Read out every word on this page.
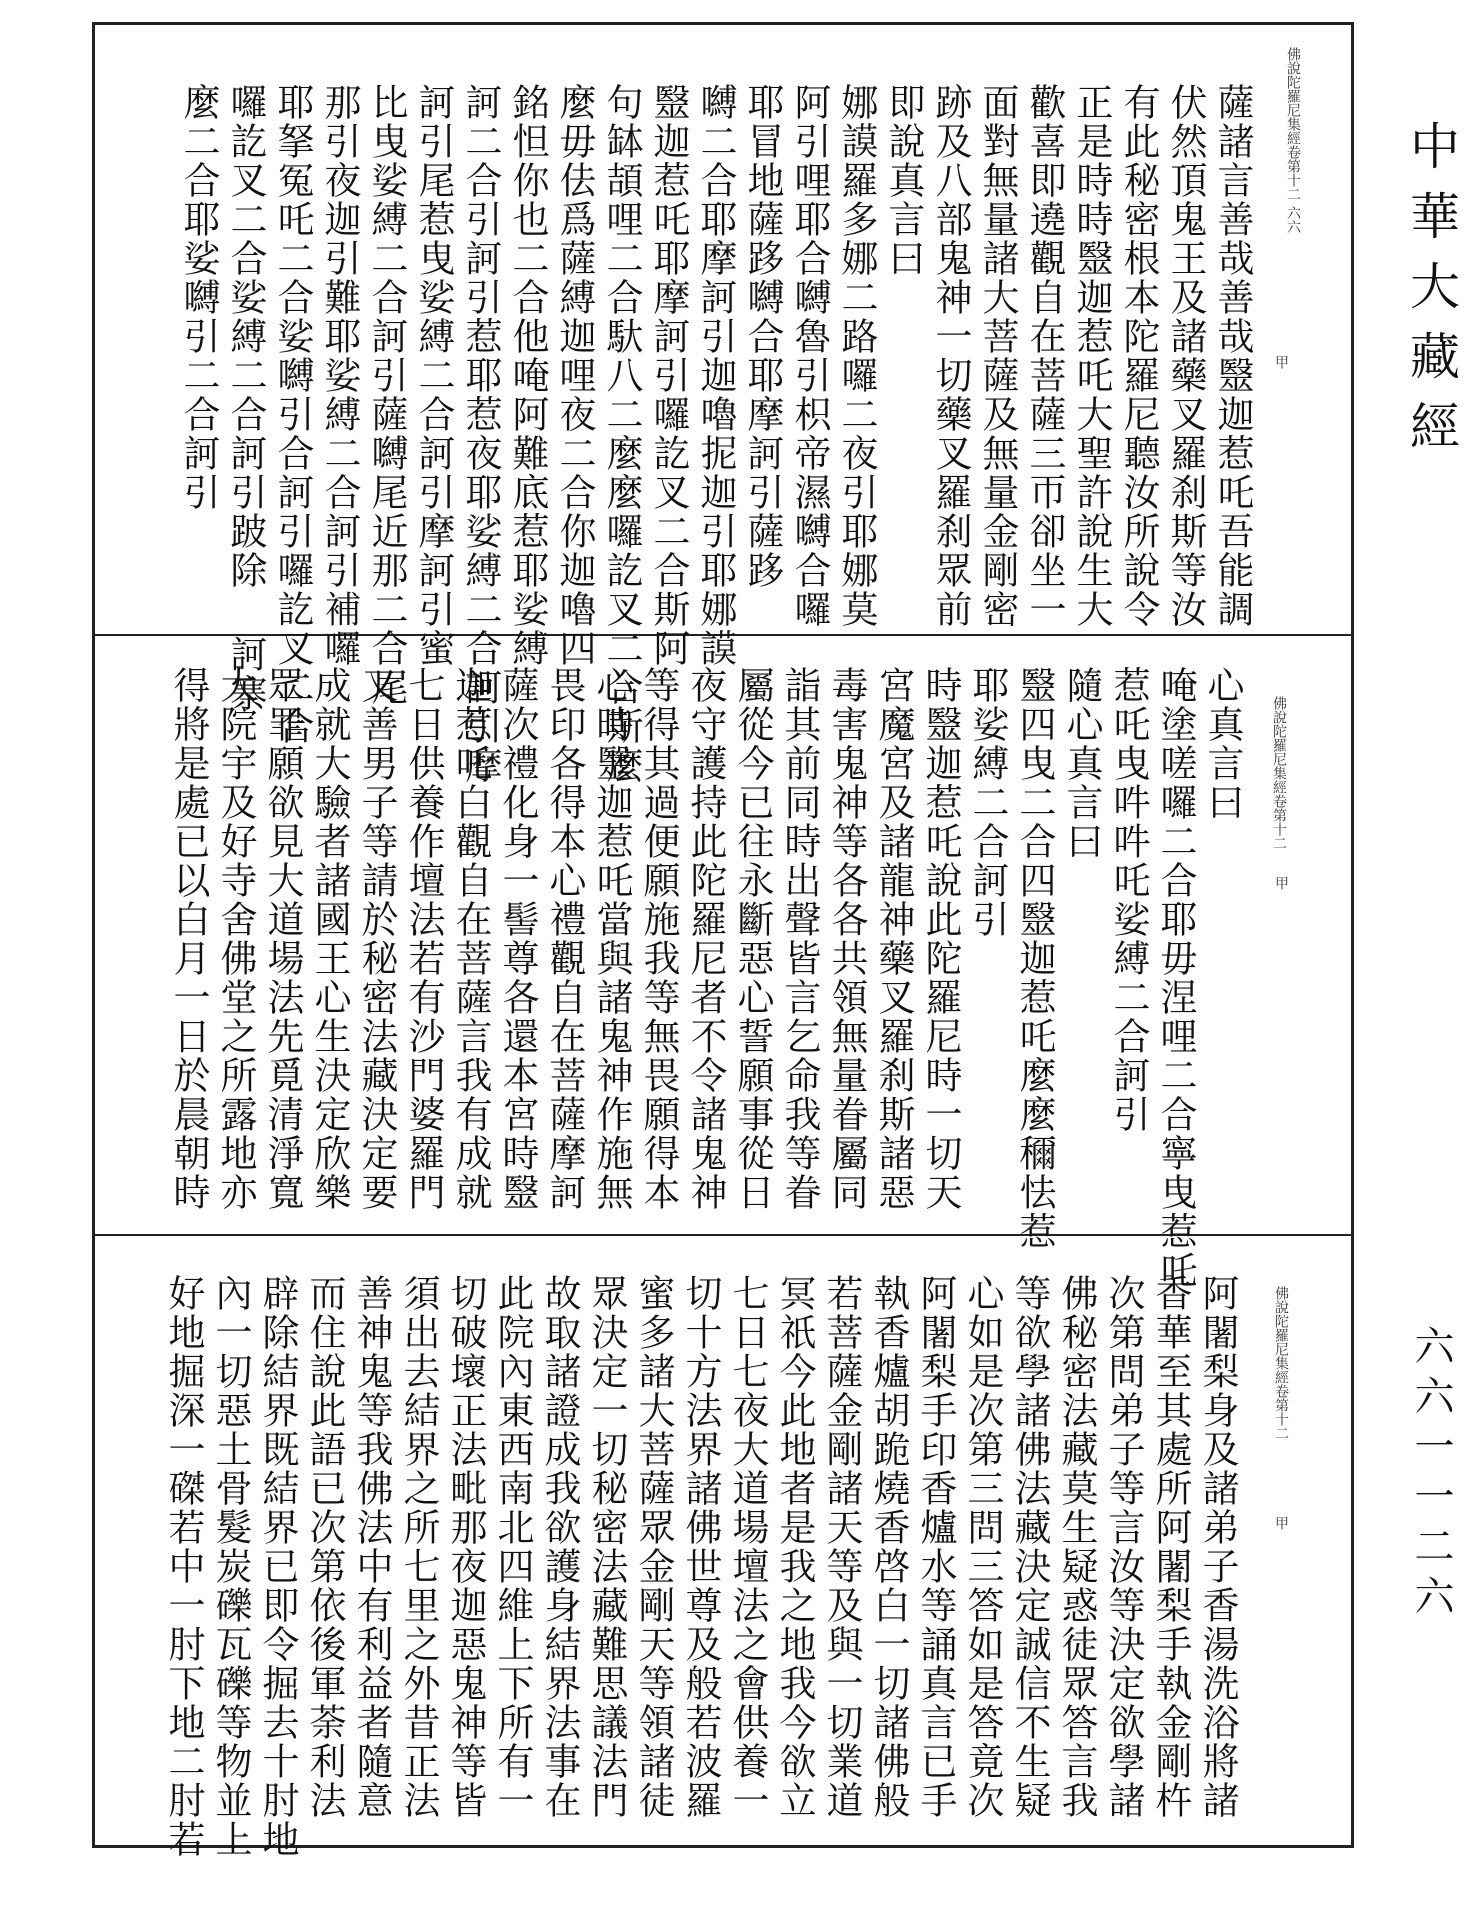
佛說陀羅尼集經卷第十二 六六
甲
薩諸言善哉善哉毉迦惹吒吾能調
伏然頂鬼王及諸藥叉羅刹斯等汝
有此秘密根本陀羅尼聽汝所說令
正是時時毉迦惹吒大聖許說生大
歡喜即遶觀自在菩薩三帀卻坐一
面對無量諸大菩薩及無量金剛密
跡及八部鬼神一切藥叉羅刹眾前
即說真言曰
娜謨羅多娜二路囉二夜引耶娜莫
阿引哩耶合嚩魯引枳帝濕嚩合囉
耶冒地薩跢嚩合耶摩訶引薩跢
嚩二合耶摩訶引迦嚕抳迦引耶娜謨
毉迦惹吒耶摩訶引囉訖叉二合斯阿
句缽頡哩二合馱八二麼麼囉訖叉二合斯麼
麼毋佉爲薩縛迦哩夜二合你迦嚕四
銘怛你也二合他唵阿難底惹耶娑縛
訶二合引訶引惹耶惹夜耶娑縛二合訶引摩
訶引尾惹曳娑縛二合訶引摩訶引蜜
比曳娑縛二合訶引薩嚩尾近那二合尾
那引夜迦引難耶娑縛二合訶引補囉
耶拏冤吒二合娑嚩引合訶引囉訖叉二合
囉訖叉二合娑縛二合訶引跛除 訶寨
麼二合耶娑嚩引二合訶引
佛說陀羅尼集經卷第十二
甲
心真言曰
唵塗嗟囉二合耶毋涅哩二合寧曳惹吒
惹吒曳吽吽吒娑縛二合訶引
隨心真言曰
毉四曳二合四毉迦惹吒麼麼穪怯惹
耶娑縛二合訶引
時毉迦惹吒說此陀羅尼時一切天
宮魔宮及諸龍神藥叉羅刹斯諸惡
毒害鬼神等各各共領無量眷屬同
詣其前同時出聲皆言乞命我等眷
屬從今已往永斷惡心誓願事從日
夜守護持此陀羅尼者不令諸鬼神
等得其過便願施我等無畏願得本
心時毉迦惹吒當與諸鬼神作施無
畏印各得本心禮觀自在菩薩摩訶
薩次禮化身一髻尊各還本宮時毉
迦惹吒白觀自在菩薩言我有成就
七日供養作壇法若有沙門婆羅門
又善男子等請於秘密法藏決定要
成就大驗者諸國王心生決定欣樂
眾罪願欲見大道場法先覓清淨寬
大院宇及好寺舍佛堂之所露地亦
得將是處已以白月一日於晨朝時
佛說陀羅尼集經卷第十二
甲
阿闍梨身及諸弟子香湯洗浴將諸
香華至其處所阿闍梨手執金剛杵
次第問弟子等言汝等決定欲學諸
佛秘密法藏莫生疑惑徒眾答言我
等欲學諸佛法藏決定誠信不生疑
心如是次第三問三答如是答竟次
阿闍梨手印香爐水等誦真言已手
執香爐胡跪燒香啓白一切諸佛般
若菩薩金剛諸天等及與一切業道
冥祇今此地者是我之地我今欲立
七日七夜大道場壇法之會供養一
切十方法界諸佛世尊及般若波羅
蜜多諸大菩薩眾金剛天等領諸徒
眾決定一切秘密法藏難思議法門
故取諸證成我欲護身結界法事在
此院內東西南北四維上下所有一
切破壞正法毗那夜迦惡鬼神等皆
須出去結界之所七里之外昔正法
善神鬼等我佛法中有利益者隨意
而住說此語已次第依後軍荼利法
辟除結界既結界已即令掘去十肘地
內一切惡土骨髮炭礫瓦礫等物並上
好地掘深一磔若中一肘下地二肘若
中華大藏經
六六一一二六
